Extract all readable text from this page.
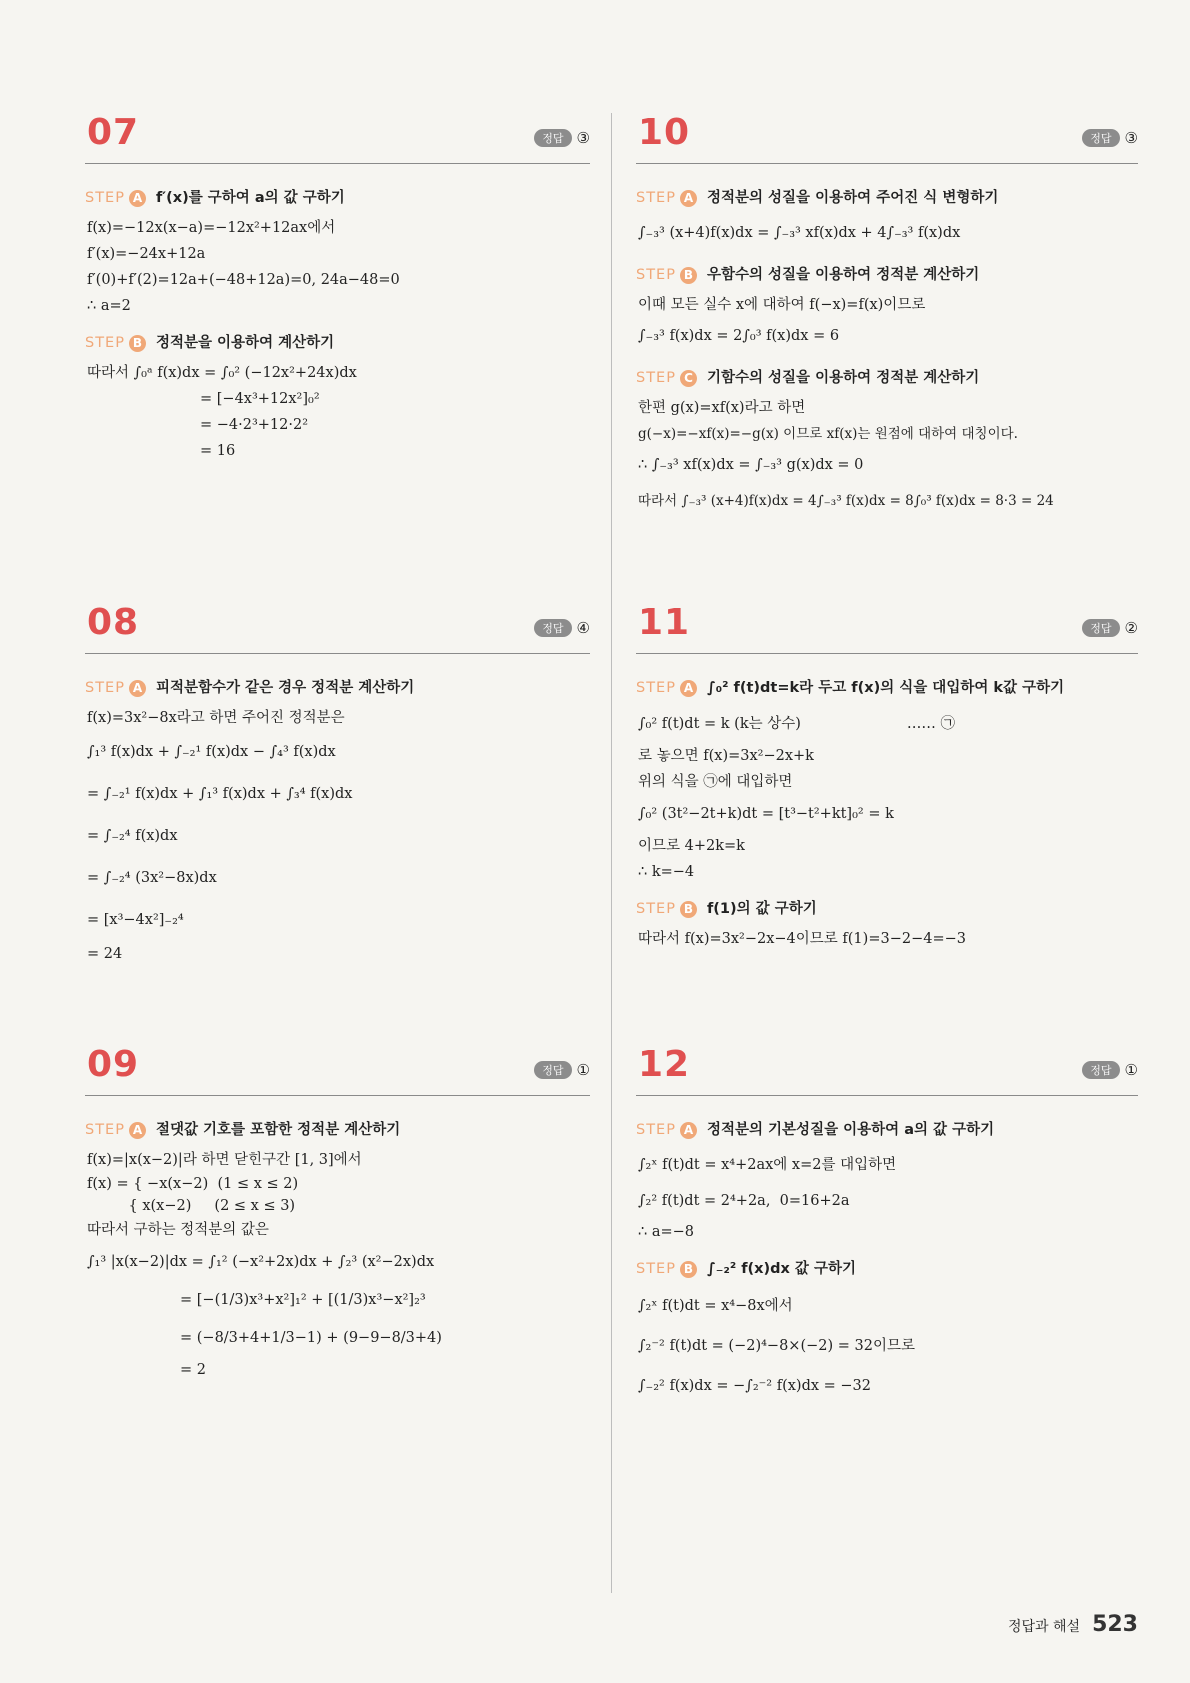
07	정답 ③
STEP A f′(x)를 구하여 a의 값 구하기
f(x)=−12x(x−a)=−12x²+12ax에서
f′(x)=−24x+12a
f′(0)+f′(2)=12a+(−48+12a)=0, 24a−48=0
∴ a=2
STEP B 정적분을 이용하여 계산하기
따라서 ∫₀ᵃ f(x)dx = ∫₀² (−12x²+24x)dx
= [−4x³+12x²]₀²
= −4·2³+12·2²
= 16
08	정답 ④
STEP A 피적분함수가 같은 경우 정적분 계산하기
f(x)=3x²−8x라고 하면 주어진 정적분은
∫₁³ f(x)dx + ∫₋₂¹ f(x)dx − ∫₄³ f(x)dx
= ∫₋₂¹ f(x)dx + ∫₁³ f(x)dx + ∫₃⁴ f(x)dx
= ∫₋₂⁴ f(x)dx
= ∫₋₂⁴ (3x²−8x)dx
= [x³−4x²]₋₂⁴
= 24
09	정답 ①
STEP A 절댓값 기호를 포함한 정적분 계산하기
f(x)=|x(x−2)|라 하면 닫힌구간 [1, 3]에서
f(x) = { −x(x−2)  (1 ≤ x ≤ 2)
{ x(x−2)     (2 ≤ x ≤ 3)
따라서 구하는 정적분의 값은
∫₁³ |x(x−2)|dx = ∫₁² (−x²+2x)dx + ∫₂³ (x²−2x)dx
= [−(1/3)x³+x²]₁² + [(1/3)x³−x²]₂³
= (−8/3+4+1/3−1) + (9−9−8/3+4)
= 2
10	정답 ③
STEP A 정적분의 성질을 이용하여 주어진 식 변형하기
∫₋₃³ (x+4)f(x)dx = ∫₋₃³ xf(x)dx + 4∫₋₃³ f(x)dx
STEP B 우함수의 성질을 이용하여 정적분 계산하기
이때 모든 실수 x에 대하여 f(−x)=f(x)이므로
∫₋₃³ f(x)dx = 2∫₀³ f(x)dx = 6
STEP C 기함수의 성질을 이용하여 정적분 계산하기
한편 g(x)=xf(x)라고 하면
g(−x)=−xf(x)=−g(x) 이므로 xf(x)는 원점에 대하여 대칭이다.
∴ ∫₋₃³ xf(x)dx = ∫₋₃³ g(x)dx = 0
따라서 ∫₋₃³ (x+4)f(x)dx = 4∫₋₃³ f(x)dx = 8∫₀³ f(x)dx = 8·3 = 24
11	정답 ②
STEP A ∫₀² f(t)dt=k라 두고 f(x)의 식을 대입하여 k값 구하기
∫₀² f(t)dt = k (k는 상수)                       …… ㉠
로 놓으면 f(x)=3x²−2x+k
위의 식을 ㉠에 대입하면
∫₀² (3t²−2t+k)dt = [t³−t²+kt]₀² = k
이므로 4+2k=k
∴ k=−4
STEP B f(1)의 값 구하기
따라서 f(x)=3x²−2x−4이므로 f(1)=3−2−4=−3
12	정답 ①
STEP A 정적분의 기본성질을 이용하여 a의 값 구하기
∫₂ˣ f(t)dt = x⁴+2ax에 x=2를 대입하면
∫₂² f(t)dt = 2⁴+2a,  0=16+2a
∴ a=−8
STEP B ∫₋₂² f(x)dx 값 구하기
∫₂ˣ f(t)dt = x⁴−8x에서
∫₂⁻² f(t)dt = (−2)⁴−8×(−2) = 32이므로
∫₋₂² f(x)dx = −∫₂⁻² f(x)dx = −32
정답과 해설 523
